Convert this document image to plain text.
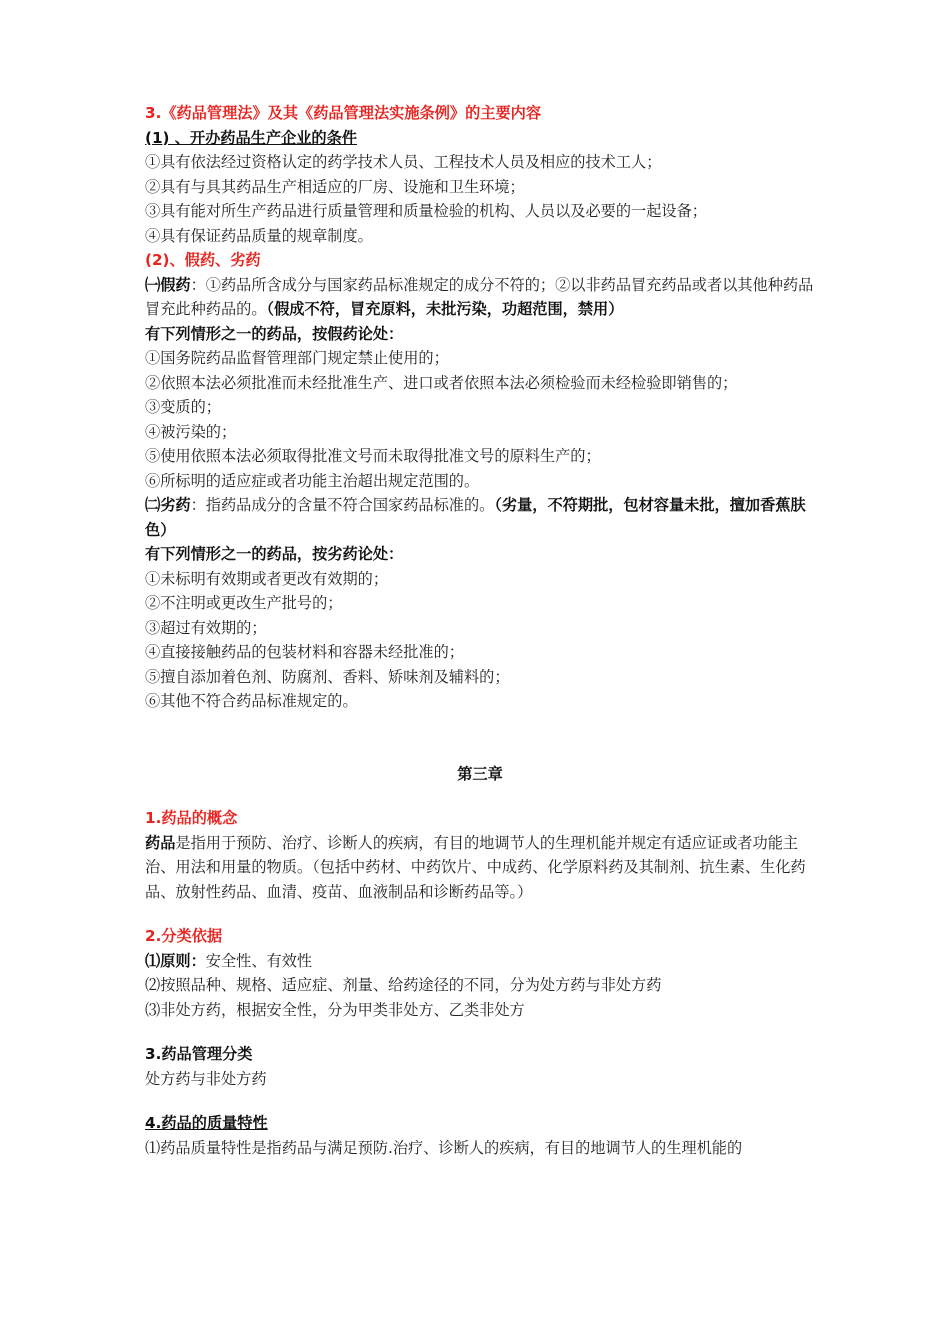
3.《药品管理法》及其《药品管理法实施条例》的主要内容
(1) 、开办药品生产企业的条件
①具有依法经过资格认定的药学技术人员、工程技术人员及相应的技术工人；
②具有与具其药品生产相适应的厂房、设施和卫生环境；
③具有能对所生产药品进行质量管理和质量检验的机构、人员以及必要的一起设备；
④具有保证药品质量的规章制度。
(2)、假药、劣药
㈠假药：①药品所含成分与国家药品标准规定的成分不符的；②以非药品冒充药品或者以其他种药品冒充此种药品的。（假成不符，冒充原料，未批污染，功超范围，禁用）
有下列情形之一的药品，按假药论处：
①国务院药品监督管理部门规定禁止使用的；
②依照本法必须批准而未经批准生产、进口或者依照本法必须检验而未经检验即销售的；
③变质的；
④被污染的；
⑤使用依照本法必须取得批准文号而未取得批准文号的原料生产的；
⑥所标明的适应症或者功能主治超出规定范围的。
㈡劣药：指药品成分的含量不符合国家药品标准的。（劣量，不符期批，包材容量未批，擅加香蕉肤色）
有下列情形之一的药品，按劣药论处：
①未标明有效期或者更改有效期的；
②不注明或更改生产批号的；
③超过有效期的；
④直接接触药品的包装材料和容器未经批准的；
⑤擅自添加着色剂、防腐剂、香料、矫味剂及辅料的；
⑥其他不符合药品标准规定的。
第三章
1.药品的概念
药品是指用于预防、治疗、诊断人的疾病，有目的地调节人的生理机能并规定有适应证或者功能主治、用法和用量的物质。（包括中药材、中药饮片、中成药、化学原料药及其制剂、抗生素、生化药品、放射性药品、血清、疫苗、血液制品和诊断药品等。）
2.分类依据
⑴原则：安全性、有效性
⑵按照品种、规格、适应症、剂量、给药途径的不同，分为处方药与非处方药
⑶非处方药，根据安全性，分为甲类非处方、乙类非处方
3.药品管理分类
处方药与非处方药
4.药品的质量特性
⑴药品质量特性是指药品与满足预防.治疗、诊断人的疾病，有目的地调节人的生理机能的
